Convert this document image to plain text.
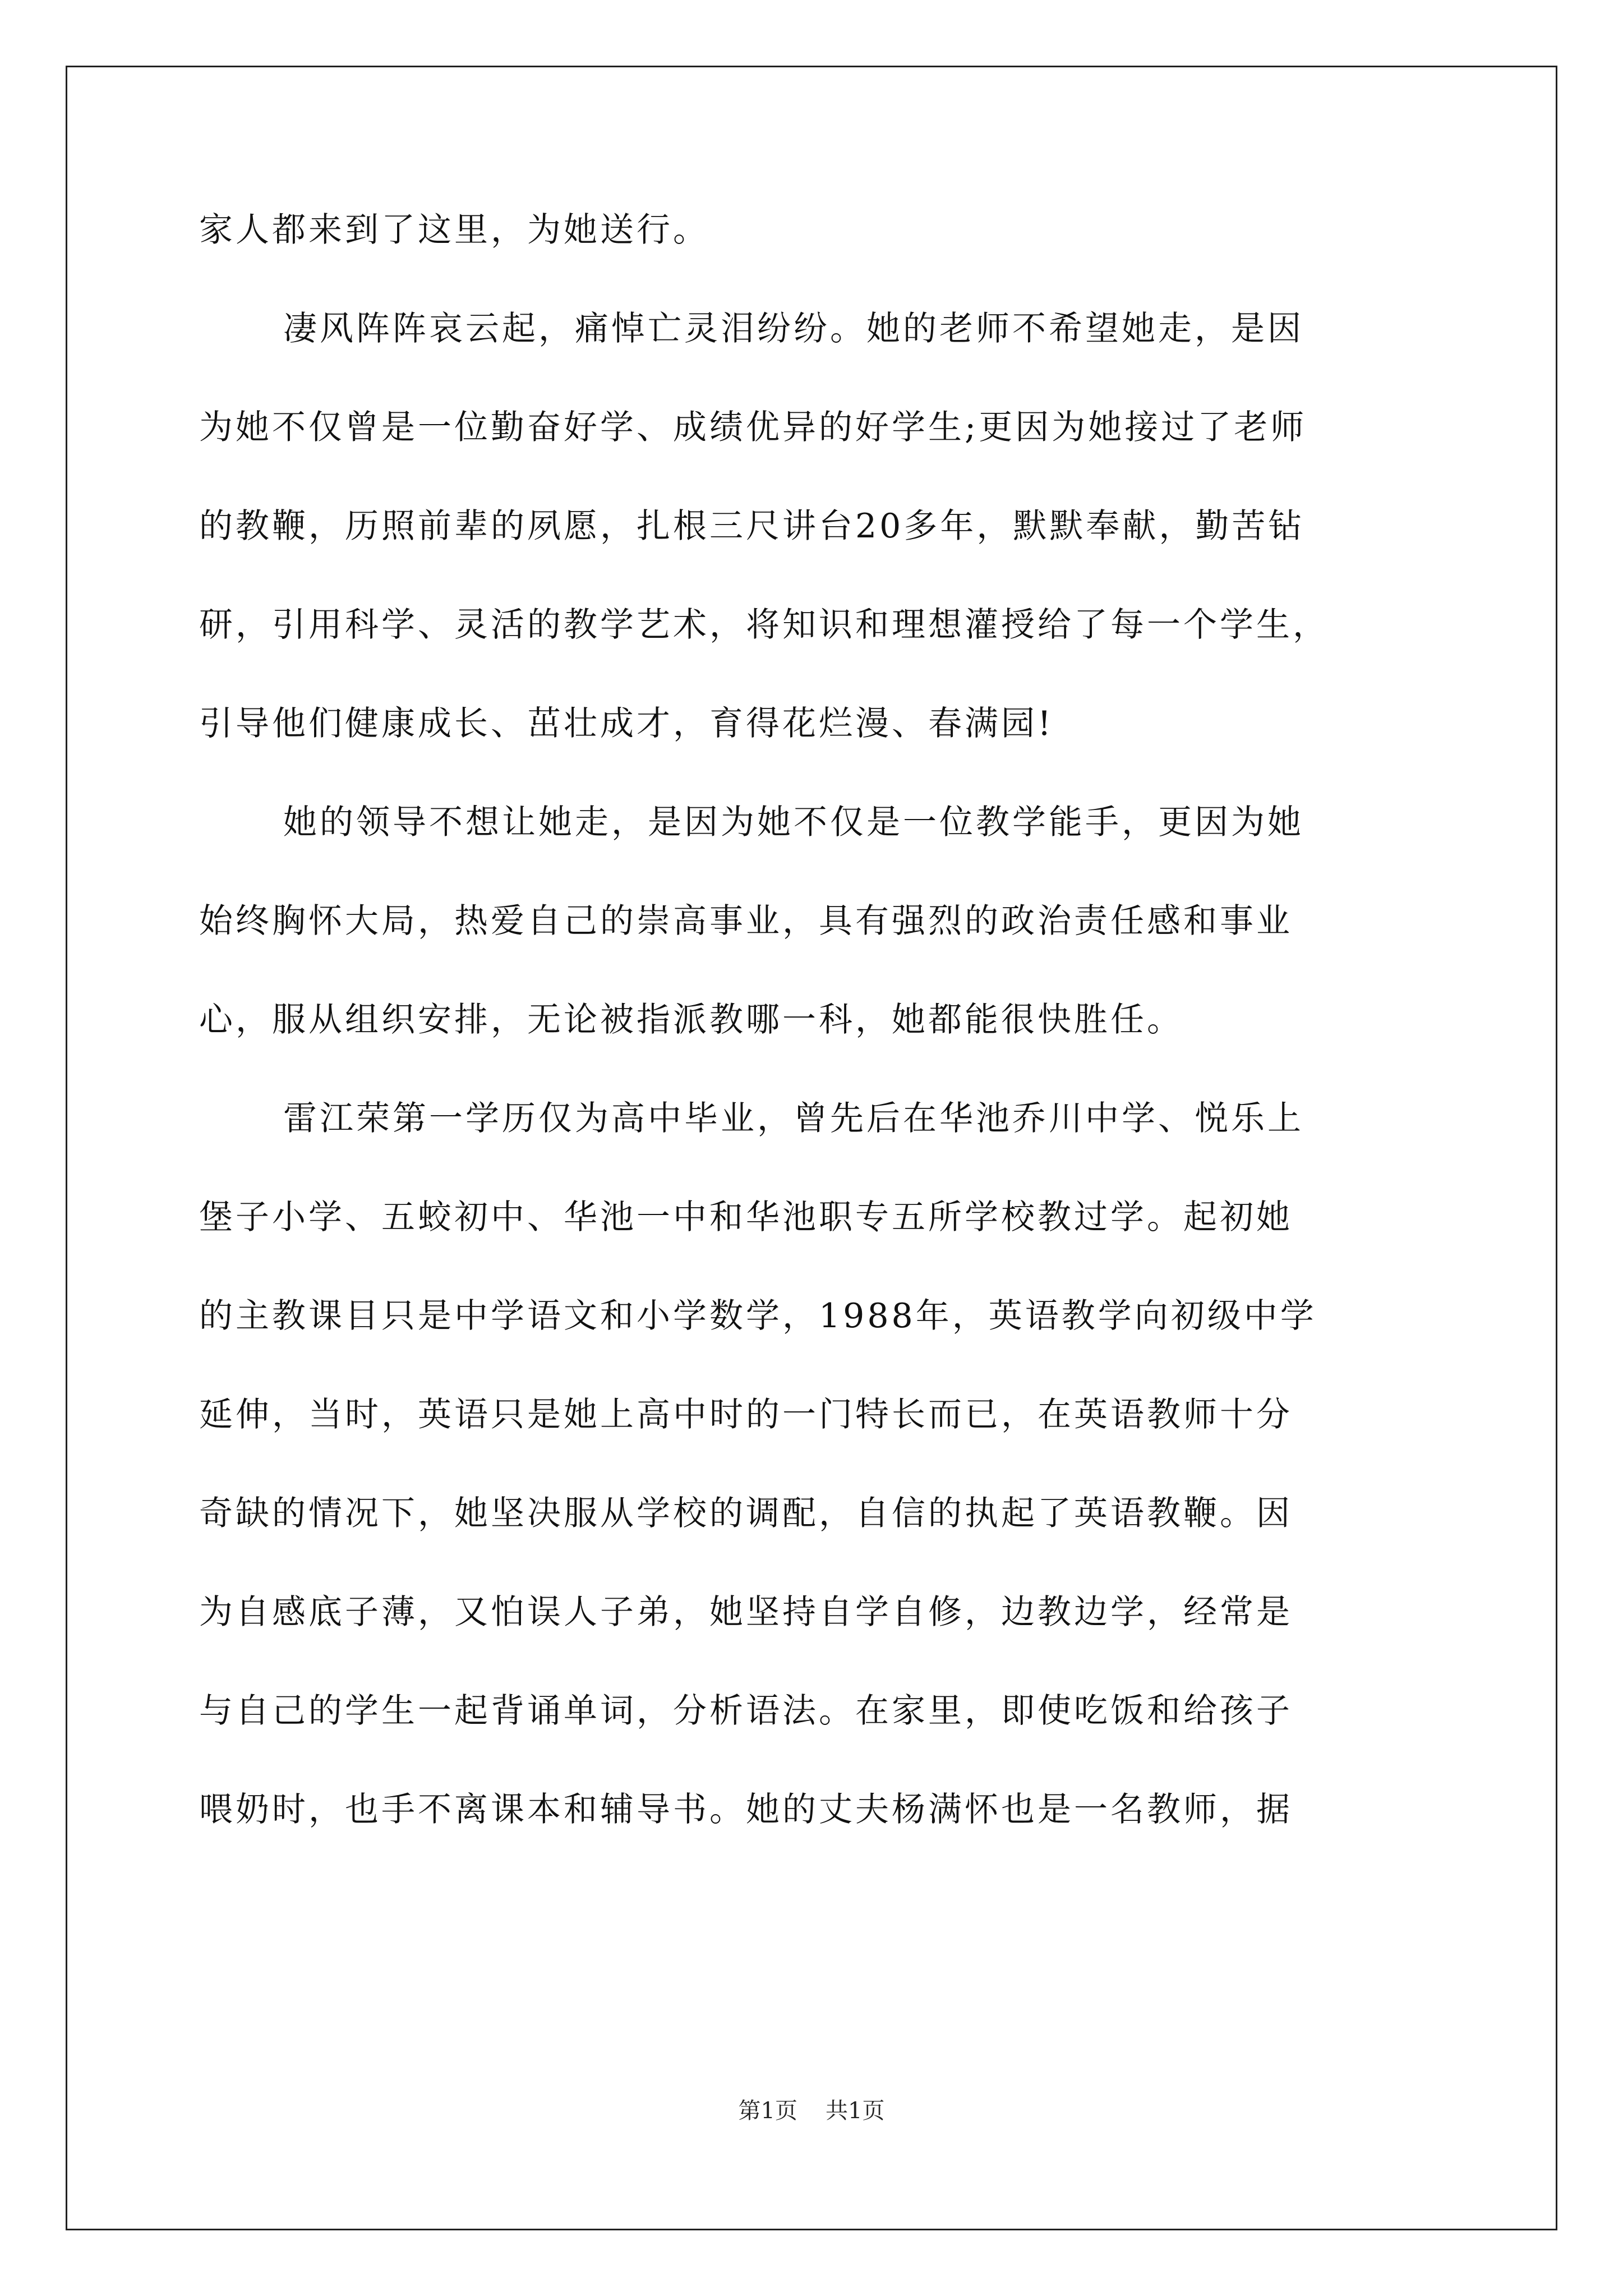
家人都来到了这里，为她送行。
凄风阵阵哀云起，痛悼亡灵泪纷纷。她的老师不希望她走，是因
为她不仅曾是一位勤奋好学、成绩优异的好学生;更因为她接过了老师
的教鞭，历照前辈的夙愿，扎根三尺讲台20多年，默默奉献，勤苦钻
研，引用科学、灵活的教学艺术，将知识和理想灌授给了每一个学生，
引导他们健康成长、茁壮成才，育得花烂漫、春满园!
她的领导不想让她走，是因为她不仅是一位教学能手，更因为她
始终胸怀大局，热爱自己的崇高事业，具有强烈的政治责任感和事业
心，服从组织安排，无论被指派教哪一科，她都能很快胜任。
雷江荣第一学历仅为高中毕业，曾先后在华池乔川中学、悦乐上
堡子小学、五蛟初中、华池一中和华池职专五所学校教过学。起初她
的主教课目只是中学语文和小学数学，1988年，英语教学向初级中学
延伸，当时，英语只是她上高中时的一门特长而已，在英语教师十分
奇缺的情况下，她坚决服从学校的调配，自信的执起了英语教鞭。因
为自感底子薄，又怕误人子弟，她坚持自学自修，边教边学，经常是
与自己的学生一起背诵单词，分析语法。在家里，即使吃饭和给孩子
喂奶时，也手不离课本和辅导书。她的丈夫杨满怀也是一名教师，据
第1页 共1页
